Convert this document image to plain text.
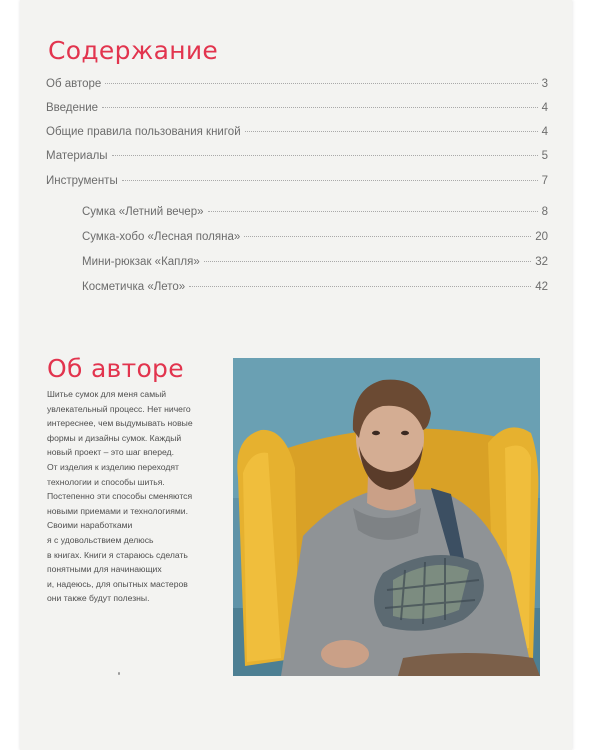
Содержание
Об авторе	3
Введение	4
Общие правила пользования книгой	4
Материалы	5
Инструменты	7
Сумка «Летний вечер»	8
Сумка-хобо «Лесная поляна»	20
Мини-рюкзак «Капля»	32
Косметичка «Лето»	42
Об авторе
Шитье сумок для меня самый
увлекательный процесс. Нет ничего
интереснее, чем выдумывать новые
формы и дизайны сумок. Каждый
новый проект – это шаг вперед.
От изделия к изделию переходят
технологии и способы шитья.
Постепенно эти способы сменяются
новыми приемами и технологиями.
Своими наработками
я с удовольствием делюсь
в книгах. Книги я стараюсь сделать
понятными для начинающих
и, надеюсь, для опытных мастеров
они также будут полезны.
